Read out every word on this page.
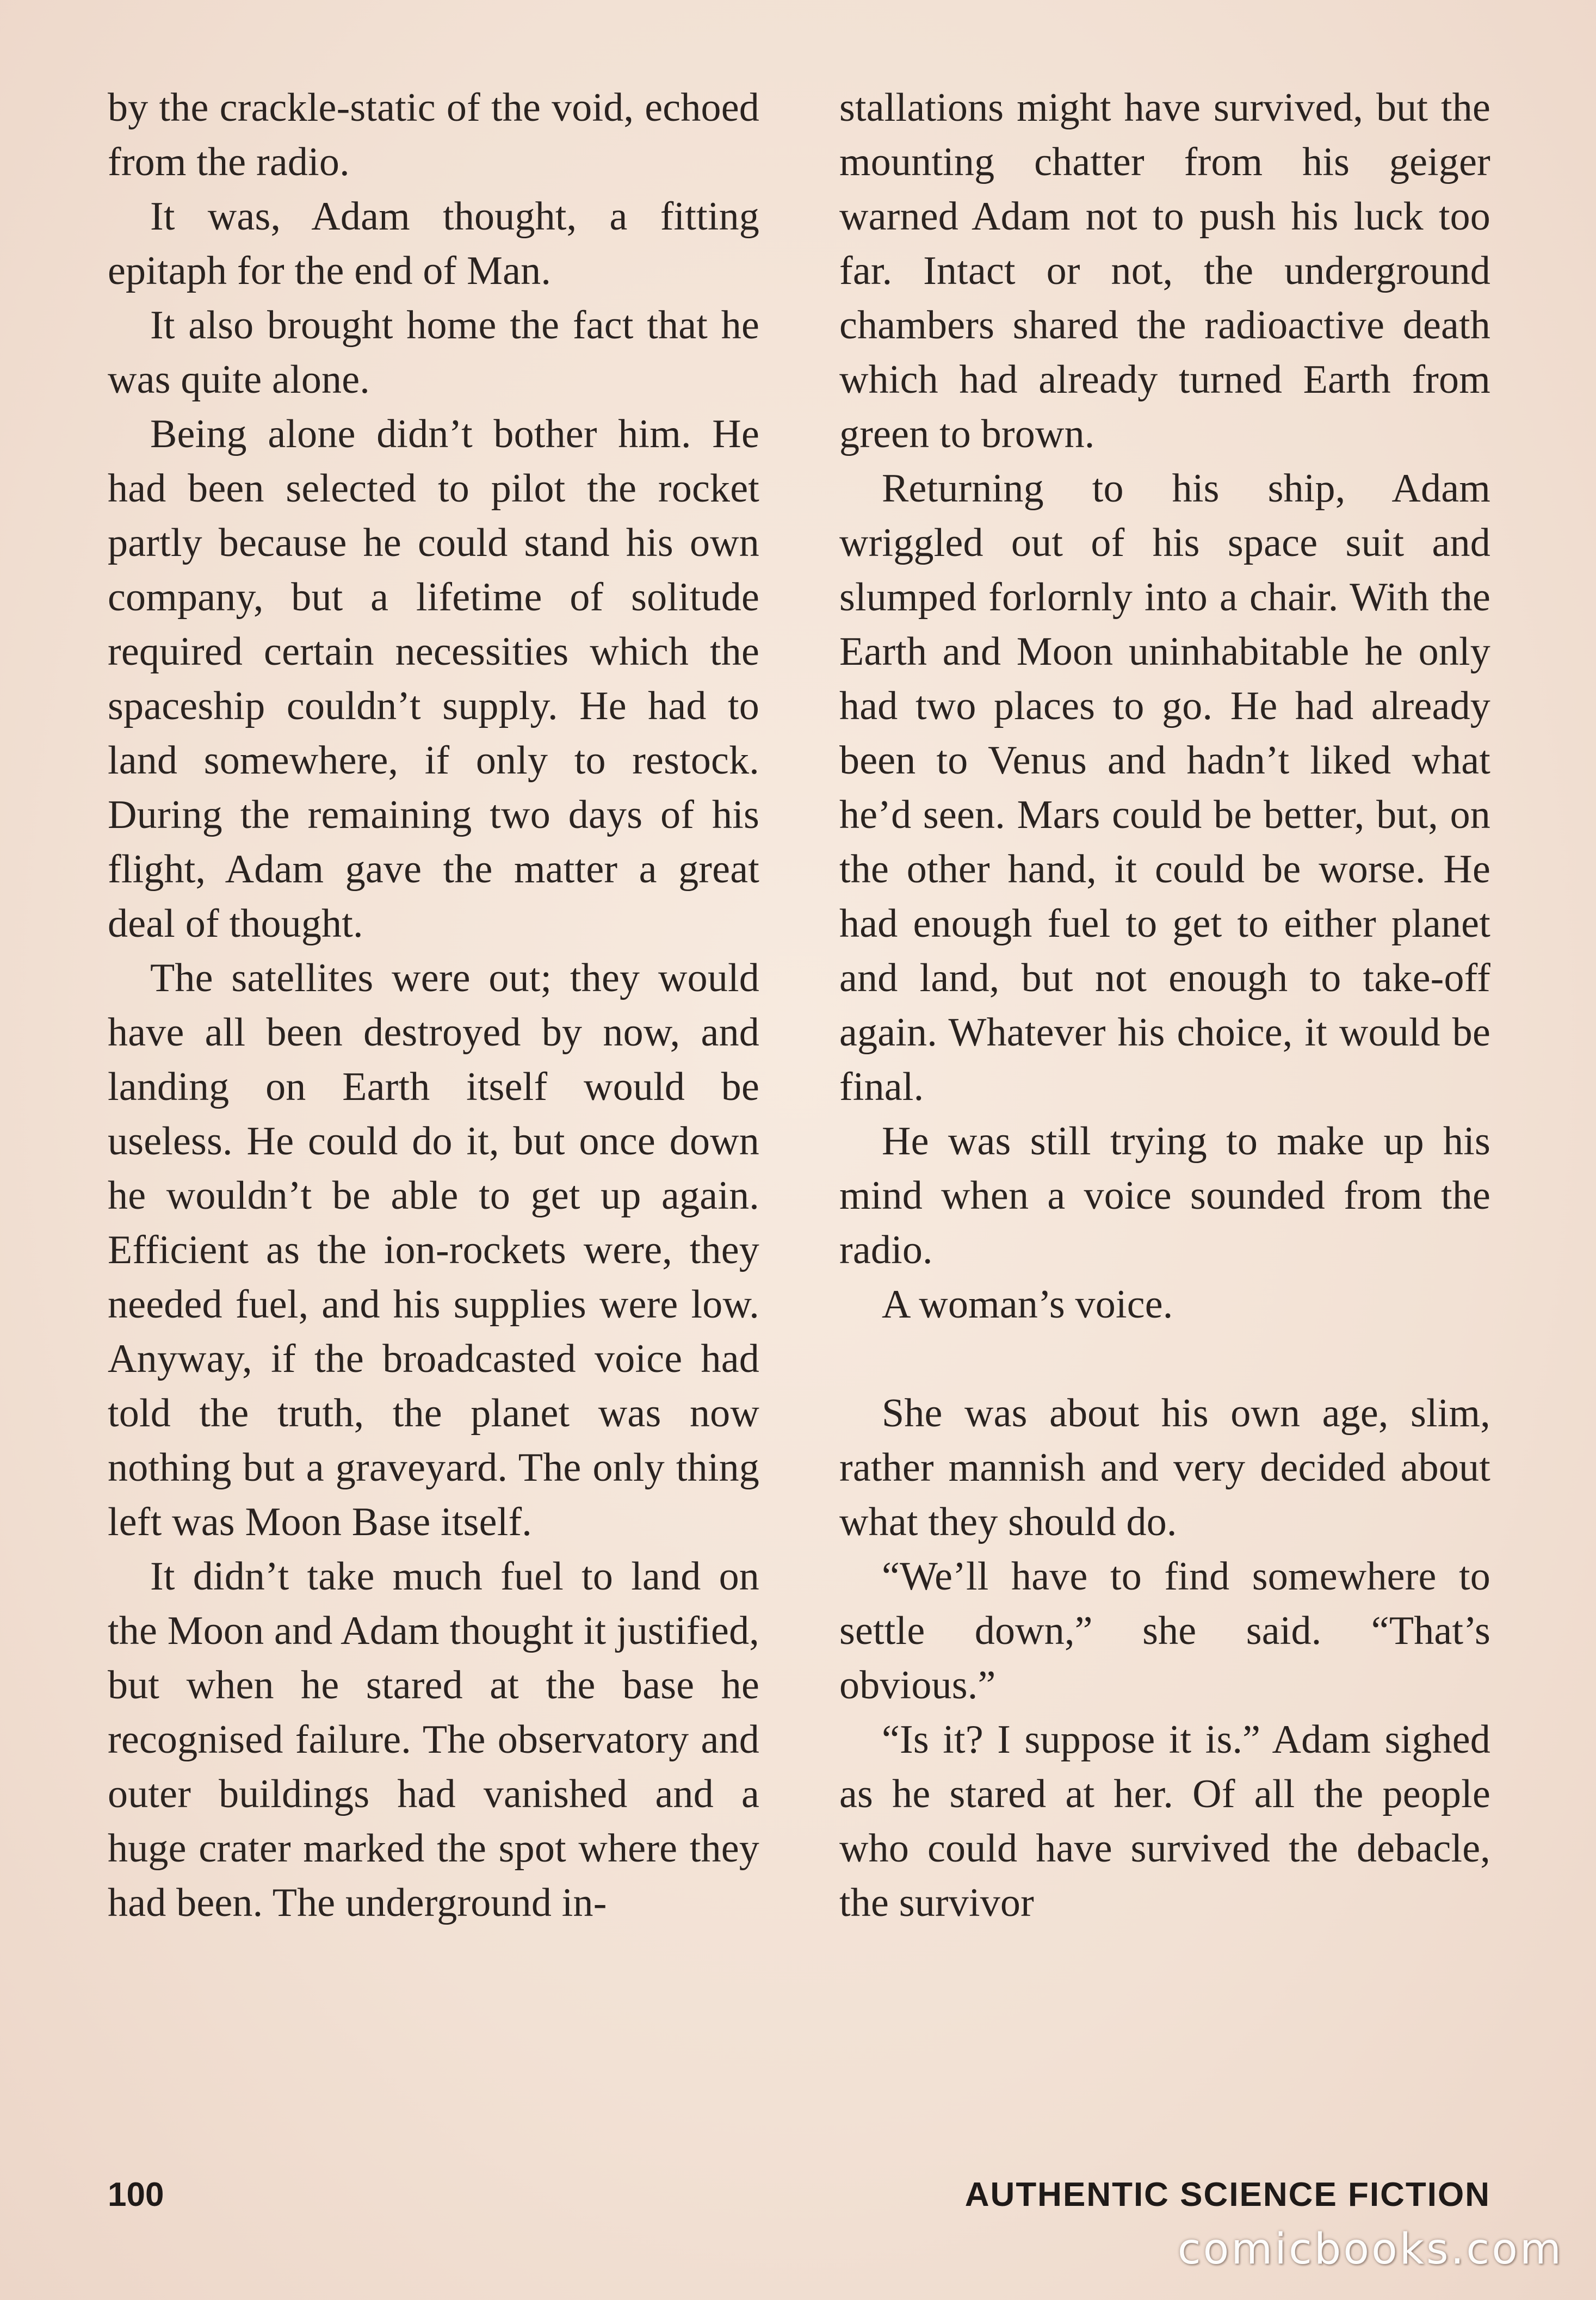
by the crackle-static of the void, echoed from the radio.

It was, Adam thought, a fitting epitaph for the end of Man.

It also brought home the fact that he was quite alone.

Being alone didn’t bother him. He had been selected to pilot the rocket partly because he could stand his own company, but a lifetime of solitude required certain necessities which the spaceship couldn’t supply. He had to land somewhere, if only to restock. During the remaining two days of his flight, Adam gave the matter a great deal of thought.

The satellites were out; they would have all been destroyed by now, and landing on Earth itself would be useless. He could do it, but once down he wouldn’t be able to get up again. Efficient as the ion-rockets were, they needed fuel, and his supplies were low. Anyway, if the broadcasted voice had told the truth, the planet was now nothing but a graveyard. The only thing left was Moon Base itself.

It didn’t take much fuel to land on the Moon and Adam thought it justified, but when he stared at the base he recognised failure. The observatory and outer buildings had vanished and a huge crater marked the spot where they had been. The underground in-

stallations might have survived, but the mounting chatter from his geiger warned Adam not to push his luck too far. Intact or not, the underground chambers shared the radioactive death which had already turned Earth from green to brown.

Returning to his ship, Adam wriggled out of his space suit and slumped forlornly into a chair. With the Earth and Moon uninhabitable he only had two places to go. He had already been to Venus and hadn’t liked what he’d seen. Mars could be better, but, on the other hand, it could be worse. He had enough fuel to get to either planet and land, but not enough to take-off again. Whatever his choice, it would be final.

He was still trying to make up his mind when a voice sounded from the radio.

A woman’s voice.

She was about his own age, slim, rather mannish and very decided about what they should do.

“We’ll have to find somewhere to settle down,” she said. “That’s obvious.”

“Is it? I suppose it is.” Adam sighed as he stared at her. Of all the people who could have survived the debacle, the survivor

100	AUTHENTIC SCIENCE FICTION
comicbooks.com
